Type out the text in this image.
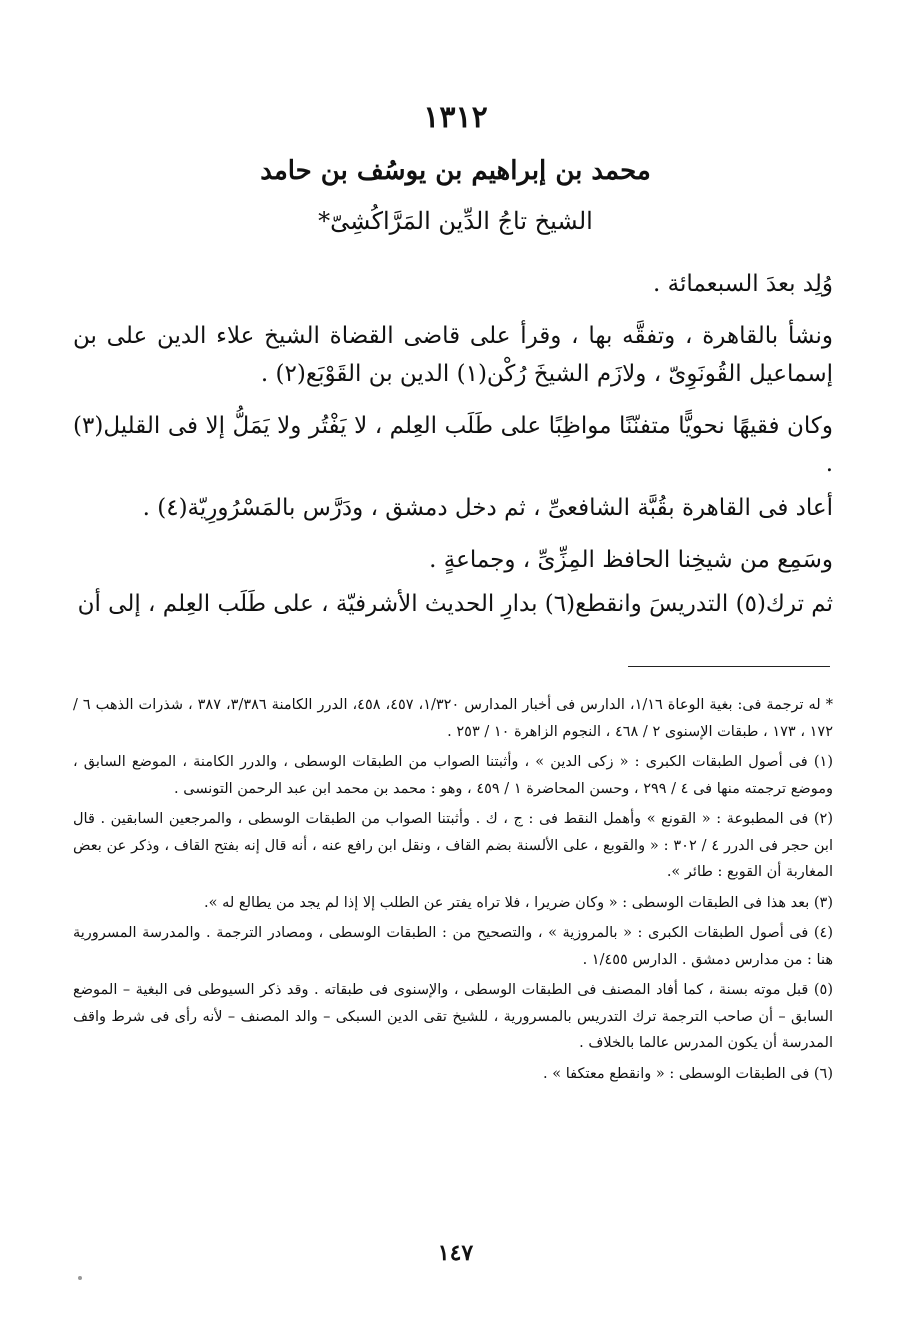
١٣١٢
محمد بن إبراهيم بن يوسُف بن حامد
الشيخ تاجُ الدِّين المَرَّاكُشِىّ*

وُلِد بعدَ السبعمائة .

ونشأ بالقاهرة ، وتفقَّه بها ، وقرأ على قاضى القضاة الشيخ علاء الدين على بن إسماعيل القُونَوِىّ ، ولازَم الشيخَ رُكْن(١) الدين بن القَوْبَع(٢) .

وكان فقيهًا نحويًّا متفنّنًا مواظِبًا على طَلَب العِلم ، لا يَفْتُر ولا يَمَلُّ إلا فى القليل(٣) .

أعاد فى القاهرة بقُبَّة الشافعىِّ ، ثم دخل دمشق ، ودَرَّس بالمَسْرُورِيّة(٤) .

وسَمِع من شيخِنا الحافظ المِزِّىِّ ، وجماعةٍ .

ثم ترك(٥) التدريسَ وانقطع(٦) بدارِ الحديث الأشرفيّة ، على طَلَب العِلم ، إلى أن

* له ترجمة فى: بغية الوعاة ١/١٦، الدارس فى أخبار المدارس ١/٣٢٠، ٤٥٧، ٤٥٨، الدرر الكامنة ٣/٣٨٦، ٣٨٧ ، شذرات الذهب ٦ / ١٧٢ ، ١٧٣ ، طبقات الإسنوى ٢ / ٤٦٨ ، النجوم الزاهرة ١٠ / ٢٥٣ .

(١) فى أصول الطبقات الكبرى : « زكى الدين » ، وأثبتنا الصواب من الطبقات الوسطى ، والدرر الكامنة ، الموضع السابق ، وموضع ترجمته منها فى ٤ / ٢٩٩ ، وحسن المحاضرة ١ / ٤٥٩ ، وهو : محمد بن محمد ابن عبد الرحمن التونسى .

(٢) فى المطبوعة : « القونع » وأهمل النقط فى : ج ، ك . وأثبتنا الصواب من الطبقات الوسطى ، والمرجعين السابقين . قال ابن حجر فى الدرر ٤ / ٣٠٢ : « والقوبع ، على الألسنة بضم القاف ، ونقل ابن رافع عنه ، أنه قال إنه بفتح القاف ، وذكر عن بعض المغاربة أن القوبع : طائر ».

(٣) بعد هذا فى الطبقات الوسطى : « وكان ضريرا ، فلا تراه يفتر عن الطلب إلا إذا لم يجد من يطالع له ».

(٤) فى أصول الطبقات الكبرى : « بالمروزية » ، والتصحيح من : الطبقات الوسطى ، ومصادر الترجمة . والمدرسة المسرورية هنا : من مدارس دمشق . الدارس ١/٤٥٥ .

(٥) قبل موته بسنة ، كما أفاد المصنف فى الطبقات الوسطى ، والإسنوى فى طبقاته . وقد ذكر السيوطى فى البغية – الموضع السابق – أن صاحب الترجمة ترك التدريس بالمسرورية ، للشيخ تقى الدين السبكى – والد المصنف – لأنه رأى فى شرط واقف المدرسة أن يكون المدرس عالما بالخلاف .

(٦) فى الطبقات الوسطى : « وانقطع معتكفا » .

١٤٧
